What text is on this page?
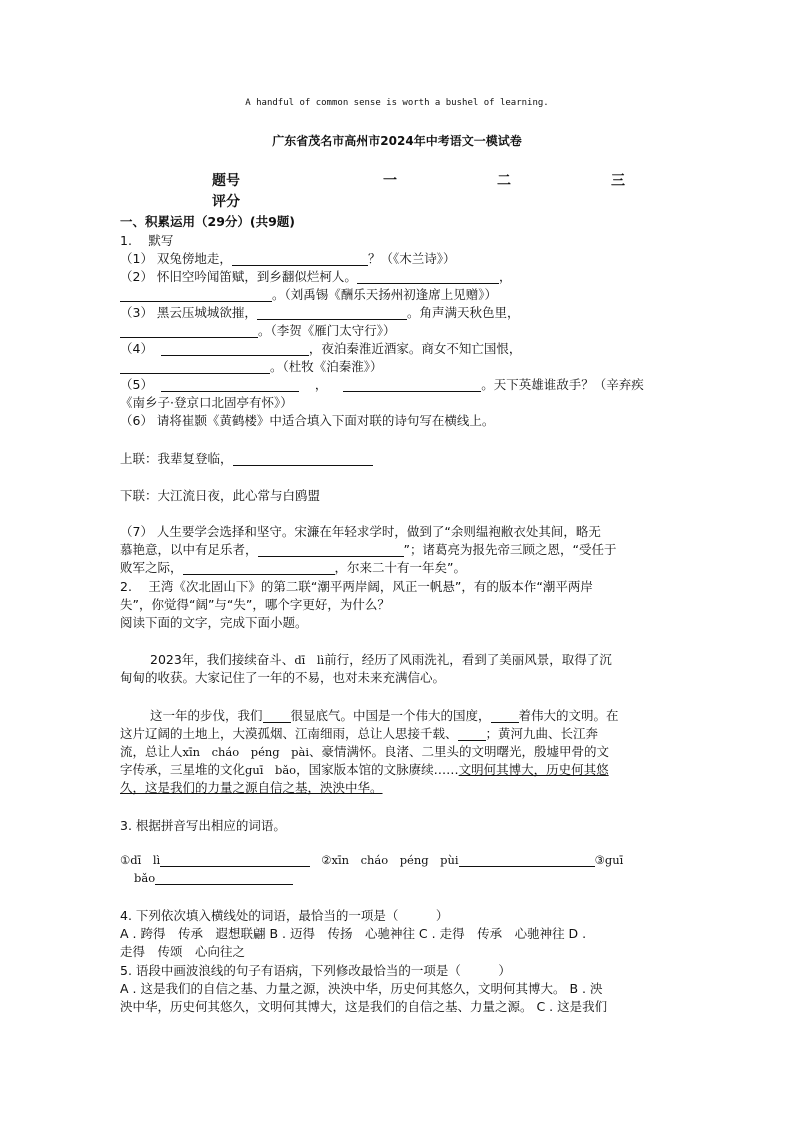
A handful of common sense is worth a bushel of learning.
广东省茂名市高州市2024年中考语文一模试卷
题号	一	二	三
评分
一、积累运用（29分）(共9题)
1.　 默写
（1） 双兔傍地走，	？（《木兰诗》）
（2） 怀旧空吟闻笛赋，到乡翻似烂柯人。	，
。（刘禹锡《酬乐天扬州初逢席上见赠》）
（3） 黑云压城城欲摧，	。角声满天秋色里，
。（李贺《雁门太守行》）
（4）	，夜泊秦淮近酒家。商女不知亡国恨，
。（杜牧《泊秦淮》）
（5）	，	。天下英雄谁敌手？（辛弃疾
《南乡子·登京口北固亭有怀》）
（6） 请将崔颢《黄鹤楼》中适合填入下面对联的诗句写在横线上。
上联：我辈复登临，
下联：大江流日夜，此心常与白鸥盟
（7） 人生要学会选择和坚守。宋濂在年轻求学时，做到了“余则缊袍敝衣处其间，略无
慕艳意，以中有足乐者，	”；诸葛亮为报先帝三顾之恩，“受任于
败军之际，	，尔来二十有一年矣”。
2.　 王湾《次北固山下》的第二联“潮平两岸阔，风正一帆悬”，有的版本作“潮平两岸
失”，你觉得“阔”与“失”，哪个字更好，为什么？
阅读下面的文字，完成下面小题。
2023年，我们接续奋斗、dī　lì前行，经历了风雨洗礼，看到了美丽风景，取得了沉
甸甸的收获。大家记住了一年的不易，也对未来充满信心。
这一年的步伐，我们 很显底气。中国是一个伟大的国度， 着伟大的文明。在
这片辽阔的土地上，大漠孤烟、江南细雨，总让人思接千载、 ；黄河九曲、长江奔
流，总让人xīn　cháo　péng　pài、豪情满怀。良渚、二里头的文明曙光，殷墟甲骨的文
字传承，三星堆的文化guī　bǎo，国家版本馆的文脉赓续……文明何其博大，历史何其悠
久，这是我们的力量之源自信之基，泱泱中华。
3. 根据拼音写出相应的词语。
①dī　lì	②xīn　cháo　péng　pùi	③guī
bǎo
4. 下列依次填入横线处的词语，最恰当的一项是（　　　）
A . 跨得　传承　遐想联翩 B . 迈得　传扬　心驰神往 C . 走得　传承　心驰神往 D .
走得　传颂　心向往之
5. 语段中画波浪线的句子有语病，下列修改最恰当的一项是（　　　）
A . 这是我们的自信之基、力量之源，泱泱中华，历史何其悠久，文明何其博大。 B . 泱
泱中华，历史何其悠久，文明何其博大，这是我们的自信之基、力量之源。 C . 这是我们
